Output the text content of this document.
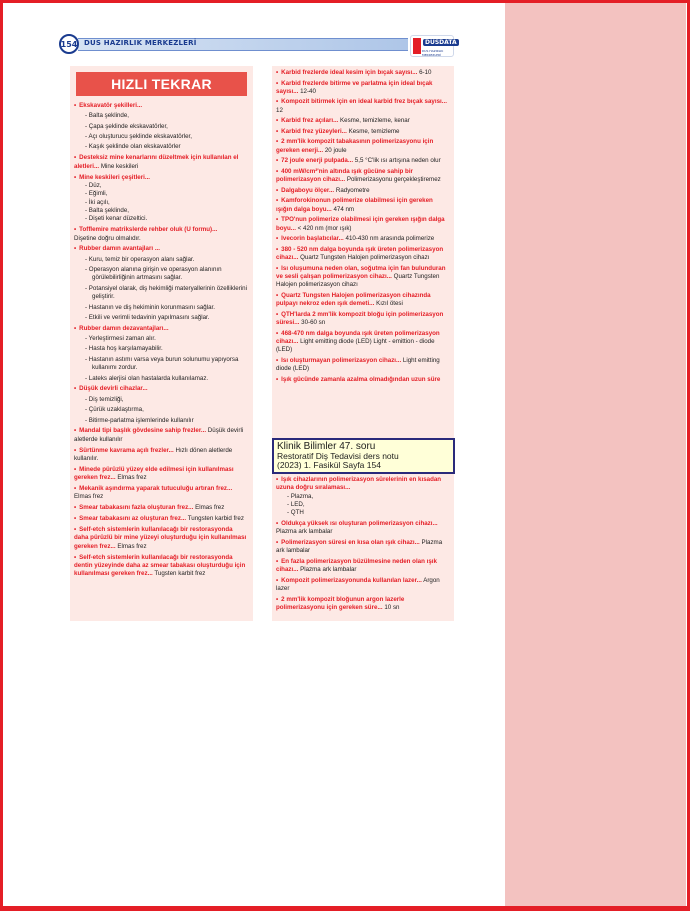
154 DUS HAZIRLIK MERKEZLERİ	DUSDATA
DUS HAZIRLIK MERKEZLERİ
HIZLI TEKRAR
• Ekskavatör şekilleri...
- Balta şeklinde,
- Çapa şeklinde ekskavatörler,
- Açı oluşturucu şeklinde ekskavatörler,
- Kaşık şeklinde olan ekskavatörler
• Desteksiz mine kenarlarını düzeltmek için kullanılan el aletleri... Mine keskileri
• Mine keskileri çeşitleri...
- Düz,
- Eğimli,
- İki açılı,
- Balta şeklinde,
- Dişeti kenar düzeltici.
• Tofflemire matrikslerde rehber oluk (U formu)...
Dişetine doğru olmalıdır.
• Rubber damın avantajları ...
- Kuru, temiz bir operasyon alanı sağlar.
- Operasyon alanına girişin ve operasyon alanının görülebilirliğinin artmasını sağlar.
- Potansiyel olarak, diş hekimliği materyallerinin özelliklerini geliştirir.
- Hastanın ve diş hekiminin korunmasını sağlar.
- Etkili ve verimli tedavinin yapılmasını sağlar.
• Rubber damın dezavantajları...
- Yerleştirmesi zaman alır.
- Hasta hoş karşılamayabilir.
- Hastanın astımı varsa veya burun solunumu yapıyorsa kullanımı zordur.
- Lateks alerjisi olan hastalarda kullanılamaz.
• Düşük devirli cihazlar...
- Diş temizliği,
- Çürük uzaklaştırma,
- Bitirme-parlatma işlemlerinde kullanılır
• Mandal tipi başlık gövdesine sahip frezler... Düşük devirli aletlerde kullanılır
• Sürtünme kavrama açılı frezler... Hızlı dönen aletlerde kullanılır.
• Minede pürüzlü yüzey elde edilmesi için kullanılması gereken frez... Elmas frez
• Mekanik aşındırma yaparak tutuculuğu artıran frez... Elmas frez
• Smear tabakasını fazla oluşturan frez... Elmas frez
• Smear tabakasını az oluşturan frez... Tungsten karbid frez
• Self-etch sistemlerin kullanılacağı bir restorasyonda daha pürüzlü bir mine yüzeyi oluşturduğu için kullanılması gereken frez... Elmas frez
• Self-etch sistemlerin kullanılacağı bir restorasyonda dentin yüzeyinde daha az smear tabakası oluşturduğu için kullanılması gereken frez... Tugsten karbit frez
• Karbid frezlerde ideal kesim için bıçak sayısı... 6-10
• Karbid frezlerde bitirme ve parlatma için ideal bıçak sayısı... 12-40
• Kompozit bitirmek için en ideal karbid frez bıçak sayısı... 12
• Karbid frez açıları... Kesme, temizleme, kenar
• Karbid frez yüzeyleri... Kesme, temizleme
• 2 mm'lik kompozit tabakasının polimerizasyonu için gereken enerji... 20 joule
• 72 joule enerji pulpada... 5,5 °C'lik ısı artışına neden olur
• 400 mW/cm²'nin altında ışık gücüne sahip bir polimerizasyon cihazı... Polimerizasyonu gerçekleştiremez
• Dalgaboyu ölçer... Radyometre
• Kamforokinonun polimerize olabilmesi için gereken ışığın dalga boyu... 474 nm
• TPO'nun polimerize olabilmesi için gereken ışığın dalga boyu... < 420 nm (mor ışık)
• Ivecorin başlatıcılar... 410-430 nm arasında polimerize
• 380 - 520 nm dalga boyunda ışık üreten polimerizasyon cihazı... Quartz Tungsten Halojen polimerizasyon cihazı
• Isı oluşumuna neden olan, soğutma için fan bulunduran ve sesli çalışan polimerizasyon cihazı... Quartz Tungsten Halojen polimerizasyon cihazı
• Quartz Tungsten Halojen polimerizasyon cihazında pulpayı nekroz eden ışık demeti... Kızıl ötesi
• QTH'larda 2 mm'lik kompozit bloğu için polimerizasyon süresi... 30-60 sn
• 468-470 nm dalga boyunda ışık üreten polimerizasyon cihazı... Light emitting diode (LED) Light - emittion - diode (LED)
• Isı oluşturmayan polimerizasyon cihazı... Light emitting diode (LED)
• Işık gücünde zamanla azalma olmadığından uzun süre
• Işık cihazlarının polimerizasyon sürelerinin en kısadan uzuna doğru sıralaması...
- Plazma,
- LED,
- QTH
• Oldukça yüksek ısı oluşturan polimerizasyon cihazı... Plazma ark lambalar
• Polimerizasyon süresi en kısa olan ışık cihazı... Plazma ark lambalar
• En fazla polimerizasyon büzülmesine neden olan ışık cihazı... Plazma ark lambalar
• Kompozit polimerizasyonunda kullanılan lazer... Argon lazer
• 2 mm'lik kompozit bloğunun argon lazerle polimerizasyonu için gereken süre... 10 sn
Klinik Bilimler 47. soru
Restoratif Diş Tedavisi ders notu
(2023) 1. Fasikül Sayfa 154
